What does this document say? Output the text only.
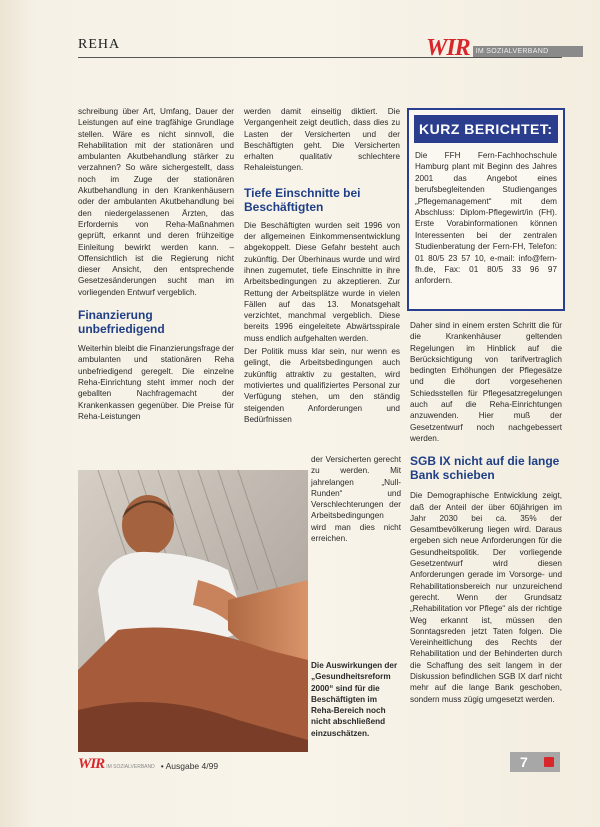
REHA	WIR IM SOZIALVERBAND

schreibung über Art, Umfang, Dauer der Leistungen auf eine tragfähige Grundlage stellen. Wäre es nicht sinnvoll, die Rehabilitation mit der stationären und ambulanten Akutbehandlung stärker zu verzahnen? So wäre sichergestellt, dass noch im Zuge der stationären Akutbehandlung in den Krankenhäusern oder der ambulanten Akutbehandlung bei den niedergelassenen Ärzten, das Erfordernis von Reha-Maßnahmen geprüft, erkannt und deren frühzeitige Einleitung bewirkt werden kann. – Offensichtlich ist die Regierung nicht dieser Ansicht, den entsprechende Gesetzesänderungen sucht man im vorliegenden Entwurf vergeblich.

Finanzierung
unbefriedigend

Weiterhin bleibt die Finanzierungsfrage der ambulanten und stationären Reha unbefriedigend geregelt. Die einzelne Reha-Einrichtung steht immer noch der geballten Nachfragemacht der Krankenkassen gegenüber. Die Preise für Reha-Leistungen

werden damit einseitig diktiert. Die Vergangenheit zeigt deutlich, dass dies zu Lasten der Versicherten und der Beschäftigten geht. Die Versicherten erhalten qualitativ schlechtere Rehaleistungen.

Tiefe Einschnitte bei
Beschäftigten

Die Beschäftigten wurden seit 1996 von der allgemeinen Einkommensentwicklung abgekoppelt. Diese Gefahr besteht auch zukünftig. Der Überhinaus wurde und wird ihnen zugemutet, tiefe Einschnitte in ihre Arbeitsbedingungen zu akzeptieren. Zur Rettung der Arbeitsplätze wurde in vielen Fällen auf das 13. Monatsgehalt verzichtet, manchmal vergeblich. Diese bereits 1996 eingeleitete Abwärtsspirale muss endlich aufgehalten werden.

Der Politik muss klar sein, nur wenn es gelingt, die Arbeitsbedingungen auch zukünftig attraktiv zu gestalten, wird motiviertes und qualifiziertes Personal zur Verfügung stehen, um den ständig steigenden Anforderungen und Bedürfnissen

der Versicherten gerecht zu werden. Mit jahrelangen „Null-Runden“ und Verschlechterungen der Arbeitsbedingungen wird man dies nicht erreichen.

Die Auswirkungen der „Gesundheitsreform 2000“ sind für die Beschäftigten im Reha-Bereich noch nicht abschließend einzuschätzen.
KURZ BERICHTET:
Die FFH Fern-Fachhochschule Hamburg plant mit Beginn des Jahres 2001 das Angebot eines berufsbegleitenden Studienganges „Pflegemanagement“ mit dem Abschluss: Diplom-Pflegewirt/in (FH). Erste Vorabinformationen können Interessenten bei der zentralen Studienberatung der Fern-FH, Telefon: 01 80/5 23 57 10, e-mail: info@fern-fh.de, Fax: 01 80/5 33 96 97 anfordern.

Daher sind in einem ersten Schritt die für die Krankenhäuser geltenden Regelungen im Hinblick auf die Berücksichtigung von tarifvertraglich bedingten Erhöhungen der Pflegesätze und die dort vorgesehenen Schiedsstellen für Pflegesatzregelungen auch auf die Reha-Einrichtungen anzuwenden. Hier muß der Gesetzentwurf noch nachgebessert werden.

SGB IX nicht auf die lange
Bank schieben

Die Demographische Entwicklung zeigt, daß der Anteil der über 60jährigen im Jahr 2030 bei ca. 35% der Gesamtbevölkerung liegen wird. Daraus ergeben sich neue Anforderungen für die Gesundheitspolitik. Der vorliegende Gesetzentwurf wird diesen Anforderungen gerade im Vorsorge- und Rehabilitationsbereich nur unzureichend gerecht. Wenn der Grundsatz „Rehabilitation vor Pflege“ als der richtige Weg erkannt ist, müssen den Sonntagsreden jetzt Taten folgen. Die Vereinheitlichung des Rechts der Rehabilitation und der Behinderten durch die Schaffung des seit langem in der Diskussion befindlichen SGB IX darf nicht mehr auf die lange Bank geschoben, sondern muss zügig umgesetzt werden.

WIR IM SOZIALVERBAND • Ausgabe 4/99	7
